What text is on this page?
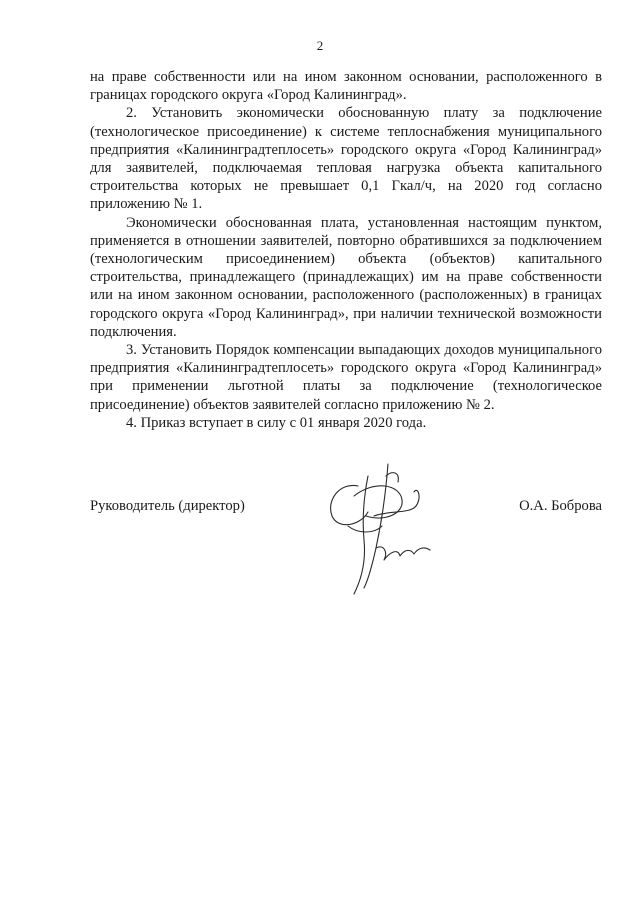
2

на праве собственности или на ином законном основании, расположенного в границах городского округа «Город Калининград».

2. Установить экономически обоснованную плату за подключение (технологическое присоединение) к системе теплоснабжения муниципального предприятия «Калининградтеплосеть» городского округа «Город Калининград» для заявителей, подключаемая тепловая нагрузка объекта капитального строительства которых не превышает 0,1 Гкал/ч, на 2020 год согласно приложению № 1.

Экономически обоснованная плата, установленная настоящим пунктом, применяется в отношении заявителей, повторно обратившихся за подключением (технологическим присоединением) объекта (объектов) капитального строительства, принадлежащего (принадлежащих) им на праве собственности или на ином законном основании, расположенного (расположенных) в границах городского округа «Город Калининград», при наличии технической возможности подключения.

3. Установить Порядок компенсации выпадающих доходов муниципального предприятия «Калининградтеплосеть» городского округа «Город Калининград» при применении льготной платы за подключение (технологическое присоединение) объектов заявителей согласно приложению № 2.

4. Приказ вступает в силу с 01 января 2020 года.

Руководитель (директор)	О.А. Боброва
